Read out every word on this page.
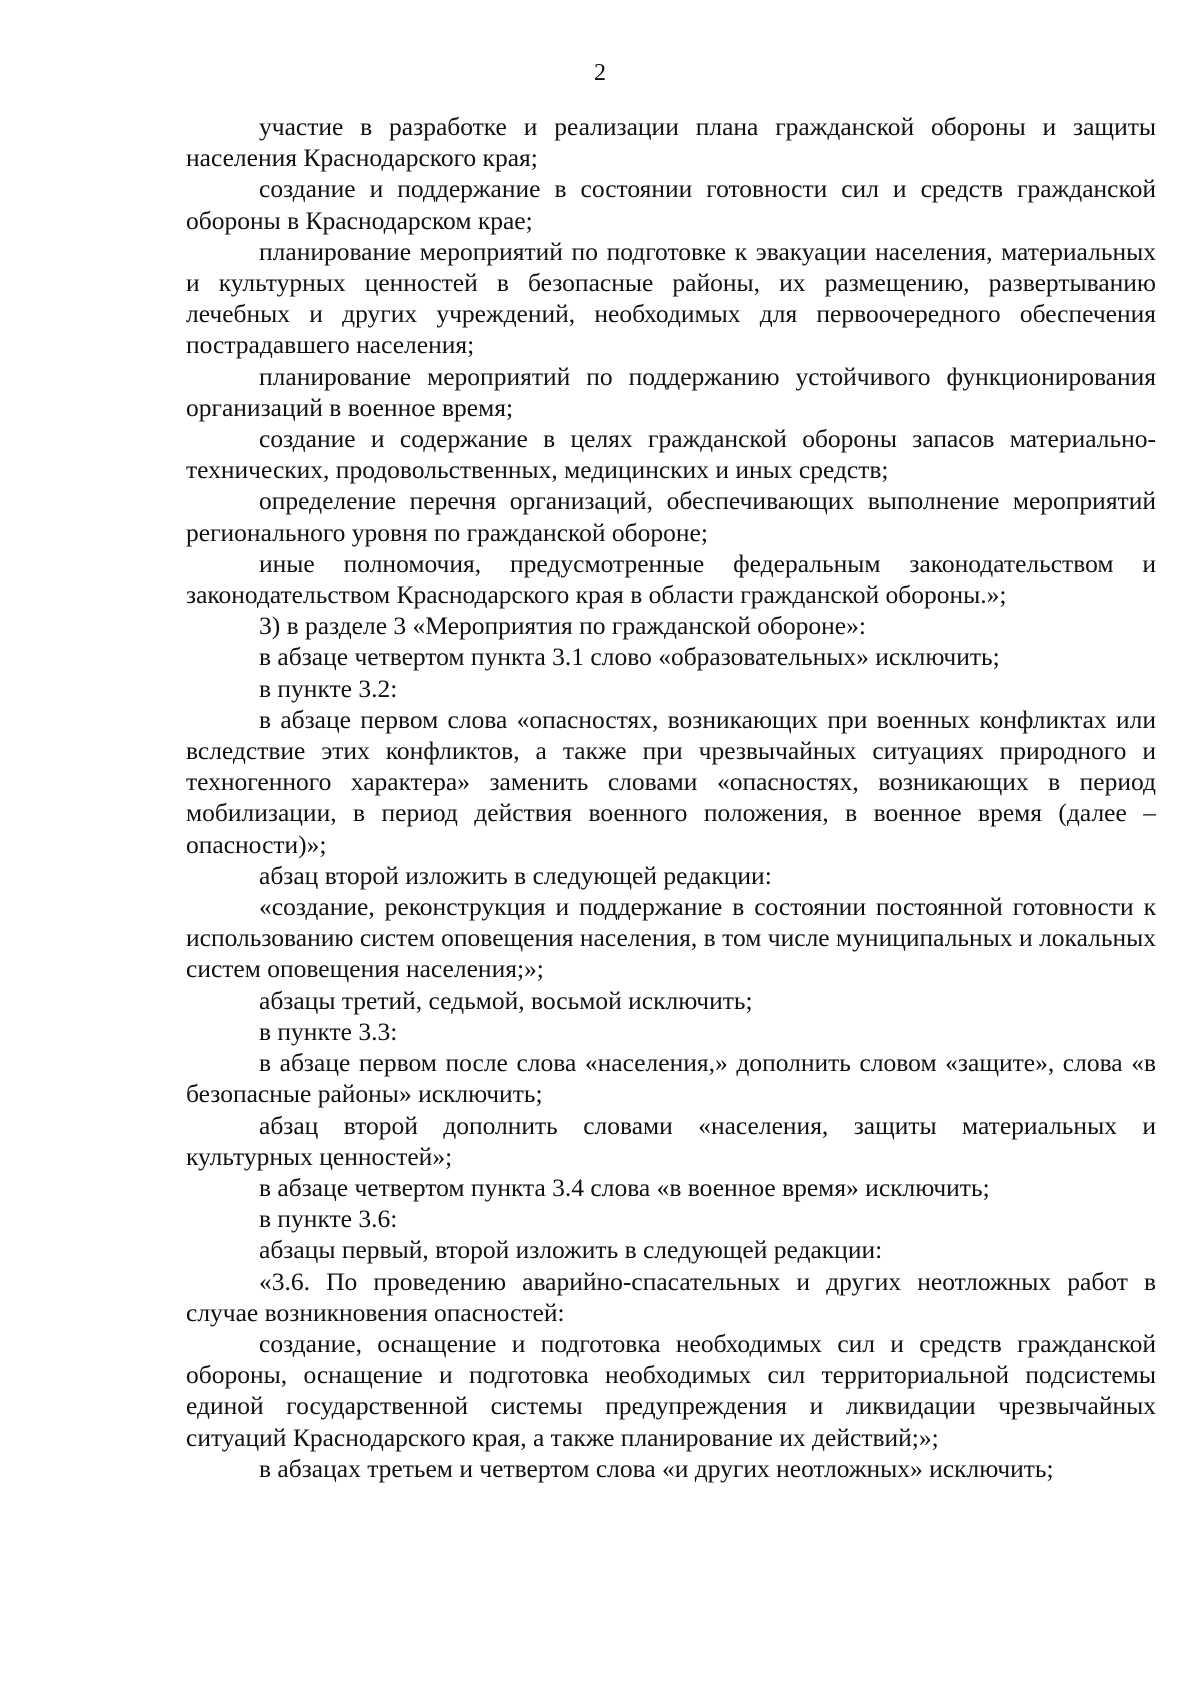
2

участие в разработке и реализации плана гражданской обороны и защиты населения Краснодарского края;

создание и поддержание в состоянии готовности сил и средств гражданской обороны в Краснодарском крае;

планирование мероприятий по подготовке к эвакуации населения, материальных и культурных ценностей в безопасные районы, их размещению, развертыванию лечебных и других учреждений, необходимых для первоочередного обеспечения пострадавшего населения;

планирование мероприятий по поддержанию устойчивого функционирования организаций в военное время;

создание и содержание в целях гражданской обороны запасов материально-технических, продовольственных, медицинских и иных средств;

определение перечня организаций, обеспечивающих выполнение мероприятий регионального уровня по гражданской обороне;

иные полномочия, предусмотренные федеральным законодательством и законодательством Краснодарского края в области гражданской обороны.»;

3) в разделе 3 «Мероприятия по гражданской обороне»:

в абзаце четвертом пункта 3.1 слово «образовательных» исключить;

в пункте 3.2:

в абзаце первом слова «опасностях, возникающих при военных конфликтах или вследствие этих конфликтов, а также при чрезвычайных ситуациях природного и техногенного характера» заменить словами «опасностях, возникающих в период мобилизации, в период действия военного положения, в военное время (далее – опасности)»;

абзац второй изложить в следующей редакции:

«создание, реконструкция и поддержание в состоянии постоянной готовности к использованию систем оповещения населения, в том числе муниципальных и локальных систем оповещения населения;»;

абзацы третий, седьмой, восьмой исключить;

в пункте 3.3:

в абзаце первом после слова «населения,» дополнить словом «защите», слова «в безопасные районы» исключить;

абзац второй дополнить словами «населения, защиты материальных и культурных ценностей»;

в абзаце четвертом пункта 3.4 слова «в военное время» исключить;

в пункте 3.6:

абзацы первый, второй изложить в следующей редакции:

«3.6. По проведению аварийно-спасательных и других неотложных работ в случае возникновения опасностей:

создание, оснащение и подготовка необходимых сил и средств гражданской обороны, оснащение и подготовка необходимых сил территориальной подсистемы единой государственной системы предупреждения и ликвидации чрезвычайных ситуаций Краснодарского края, а также планирование их действий;»;

в абзацах третьем и четвертом слова «и других неотложных» исключить;
